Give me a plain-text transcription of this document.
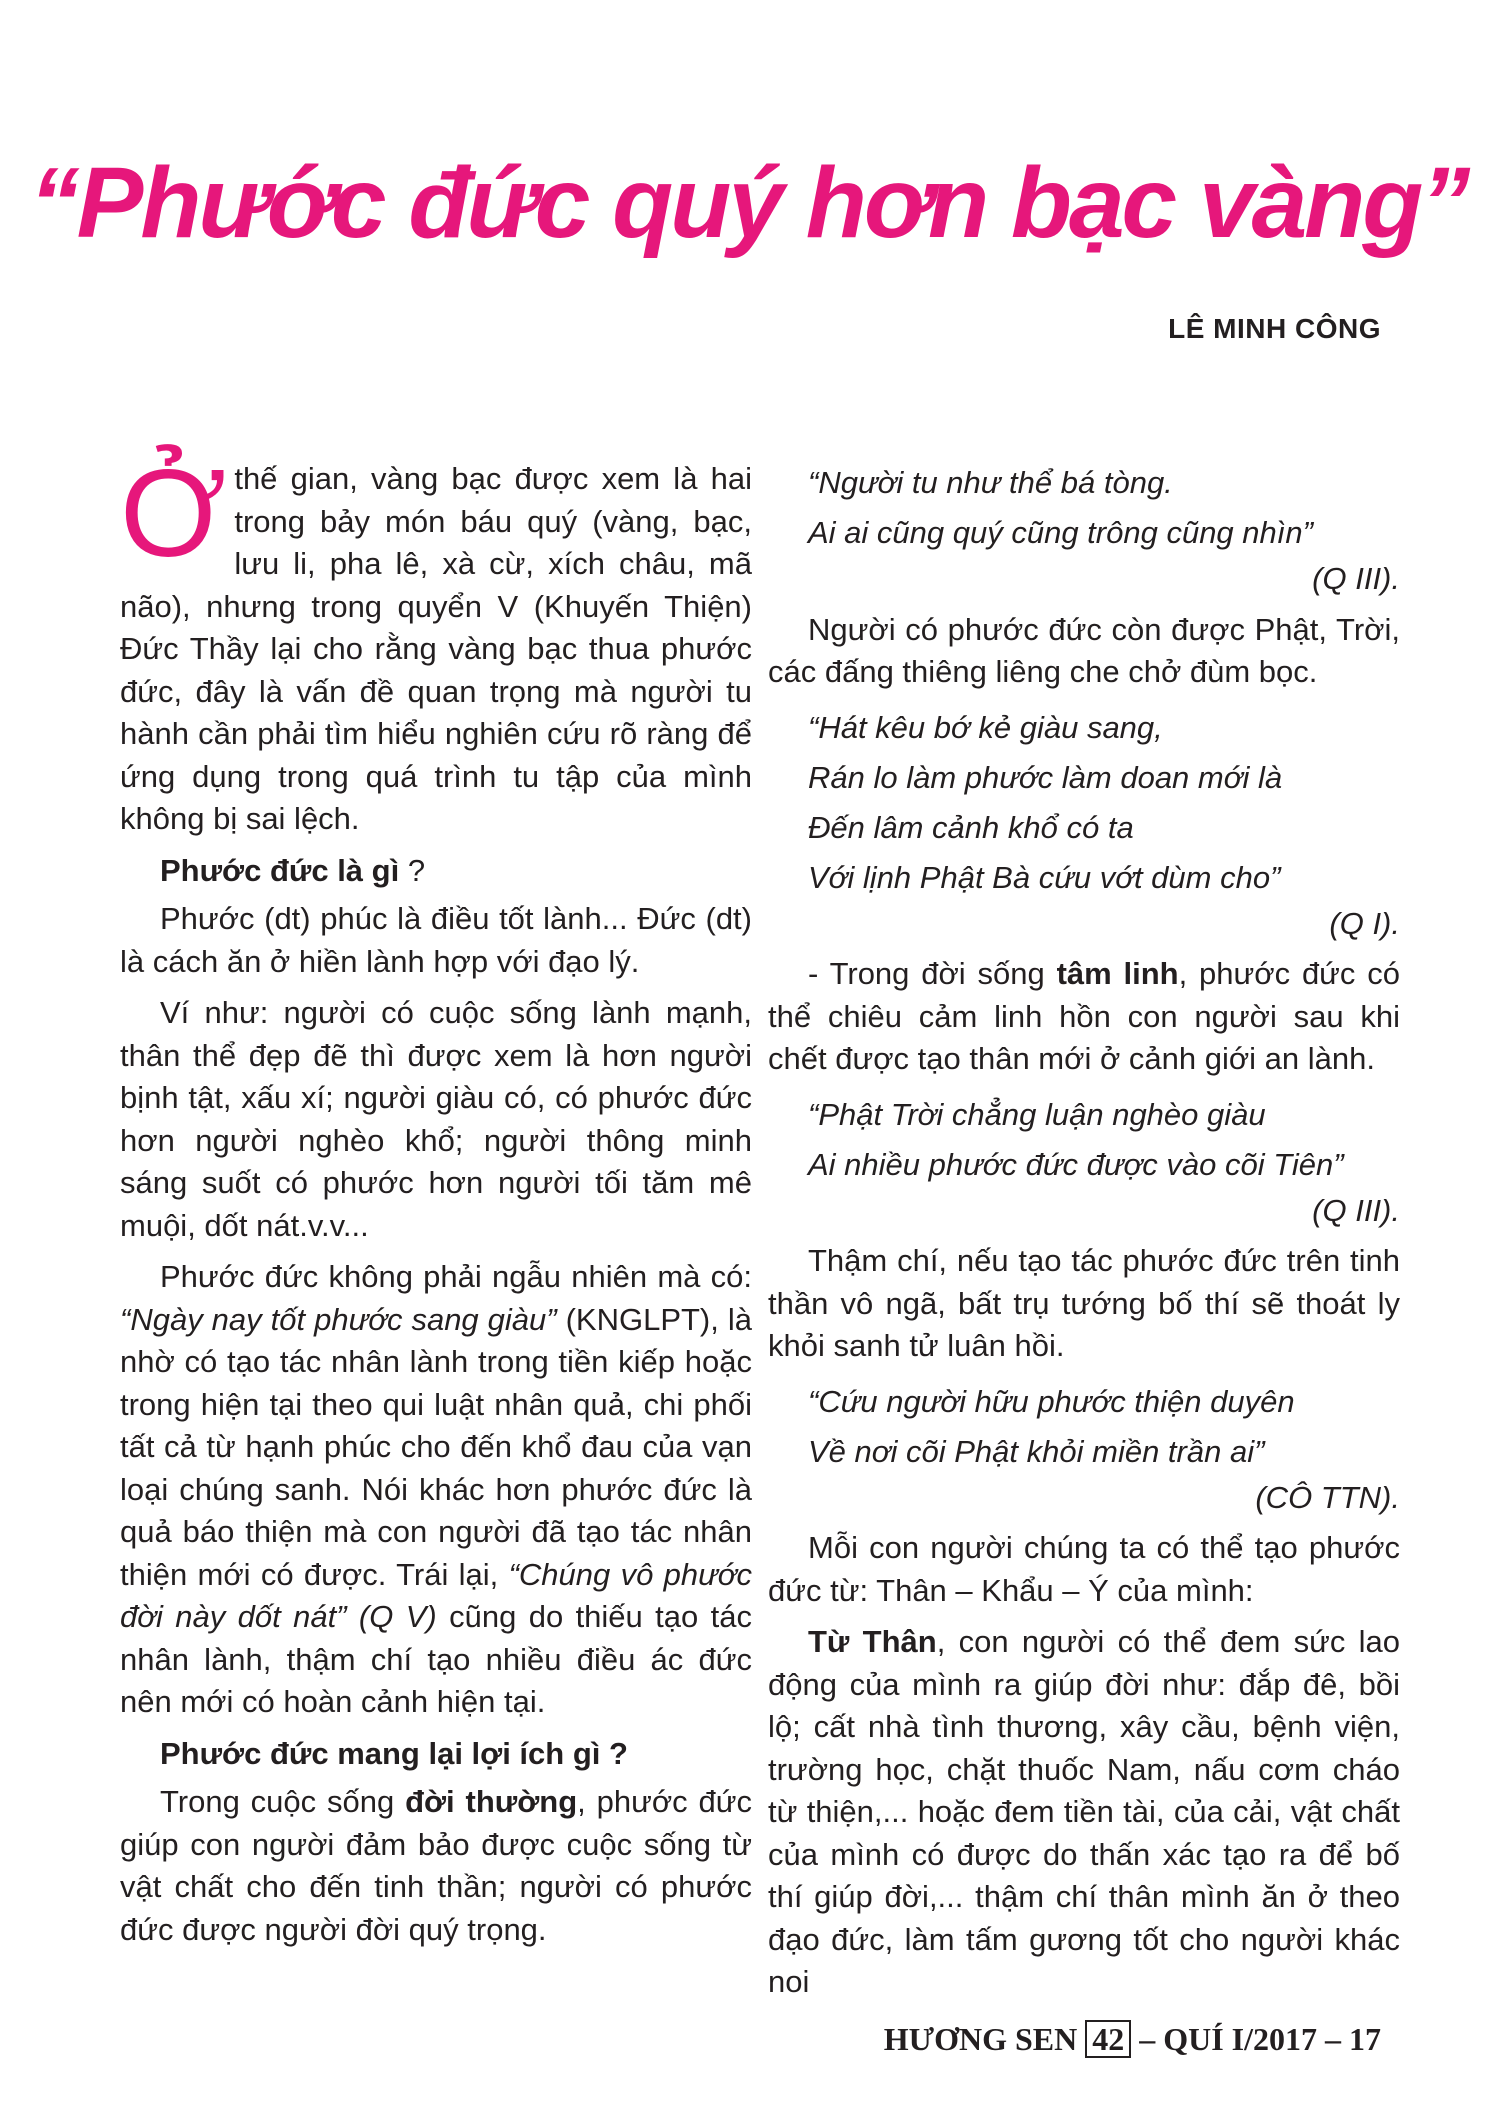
“Phước đức quý hơn bạc vàng”
LÊ MINH CÔNG

Ởthế gian, vàng bạc được xem là hai trong bảy món báu quý (vàng, bạc, lưu li, pha lê, xà cừ, xích châu, mã não), nhưng trong quyển V (Khuyến Thiện) Đức Thầy lại cho rằng vàng bạc thua phước đức, đây là vấn đề quan trọng mà người tu hành cần phải tìm hiểu nghiên cứu rõ ràng để ứng dụng trong quá trình tu tập của mình không bị sai lệch.

Phước đức là gì ?

Phước (dt) phúc là điều tốt lành... Đức (dt) là cách ăn ở hiền lành hợp với đạo lý.

Ví như: người có cuộc sống lành mạnh, thân thể đẹp đẽ thì được xem là hơn người bịnh tật, xấu xí; người giàu có, có phước đức hơn người nghèo khổ; người thông minh sáng suốt có phước hơn người tối tăm mê muội, dốt nát.v.v...

Phước đức không phải ngẫu nhiên mà có: “Ngày nay tốt phước sang giàu” (KNGLPT), là nhờ có tạo tác nhân lành trong tiền kiếp hoặc trong hiện tại theo qui luật nhân quả, chi phối tất cả từ hạnh phúc cho đến khổ đau của vạn loại chúng sanh. Nói khác hơn phước đức là quả báo thiện mà con người đã tạo tác nhân thiện mới có được. Trái lại, “Chúng vô phước đời này dốt nát” (Q V) cũng do thiếu tạo tác nhân lành, thậm chí tạo nhiều điều ác đức nên mới có hoàn cảnh hiện tại.

Phước đức mang lại lợi ích gì ?

Trong cuộc sống đời thường, phước đức giúp con người đảm bảo được cuộc sống từ vật chất cho đến tinh thần; người có phước đức được người đời quý trọng.

“Người tu như thể bá tòng.

Ai ai cũng quý cũng trông cũng nhìn”

(Q III).

Người có phước đức còn được Phật, Trời, các đấng thiêng liêng che chở đùm bọc.

“Hát kêu bớ kẻ giàu sang,

Rán lo làm phước làm doan mới là

Đến lâm cảnh khổ có ta

Với lịnh Phật Bà cứu vớt dùm cho”

(Q I).

- Trong đời sống tâm linh, phước đức có thể chiêu cảm linh hồn con người sau khi chết được tạo thân mới ở cảnh giới an lành.

“Phật Trời chẳng luận nghèo giàu

Ai nhiều phước đức được vào cõi Tiên”

(Q III).

Thậm chí, nếu tạo tác phước đức trên tinh thần vô ngã, bất trụ tướng bố thí sẽ thoát ly khỏi sanh tử luân hồi.

“Cứu người hữu phước thiện duyên

Về nơi cõi Phật khỏi miền trần ai”

(CÔ TTN).

Mỗi con người chúng ta có thể tạo phước đức từ: Thân – Khẩu – Ý của mình:

Từ Thân, con người có thể đem sức lao động của mình ra giúp đời như: đắp đê, bồi lộ; cất nhà tình thương, xây cầu, bệnh viện, trường học, chặt thuốc Nam, nấu cơm cháo từ thiện,... hoặc đem tiền tài, của cải, vật chất của mình có được do thấn xác tạo ra để bố thí giúp đời,... thậm chí thân mình ăn ở theo đạo đức, làm tấm gương tốt cho người khác noi

HƯƠNG SEN 42 – QUÍ I/2017 – 17
